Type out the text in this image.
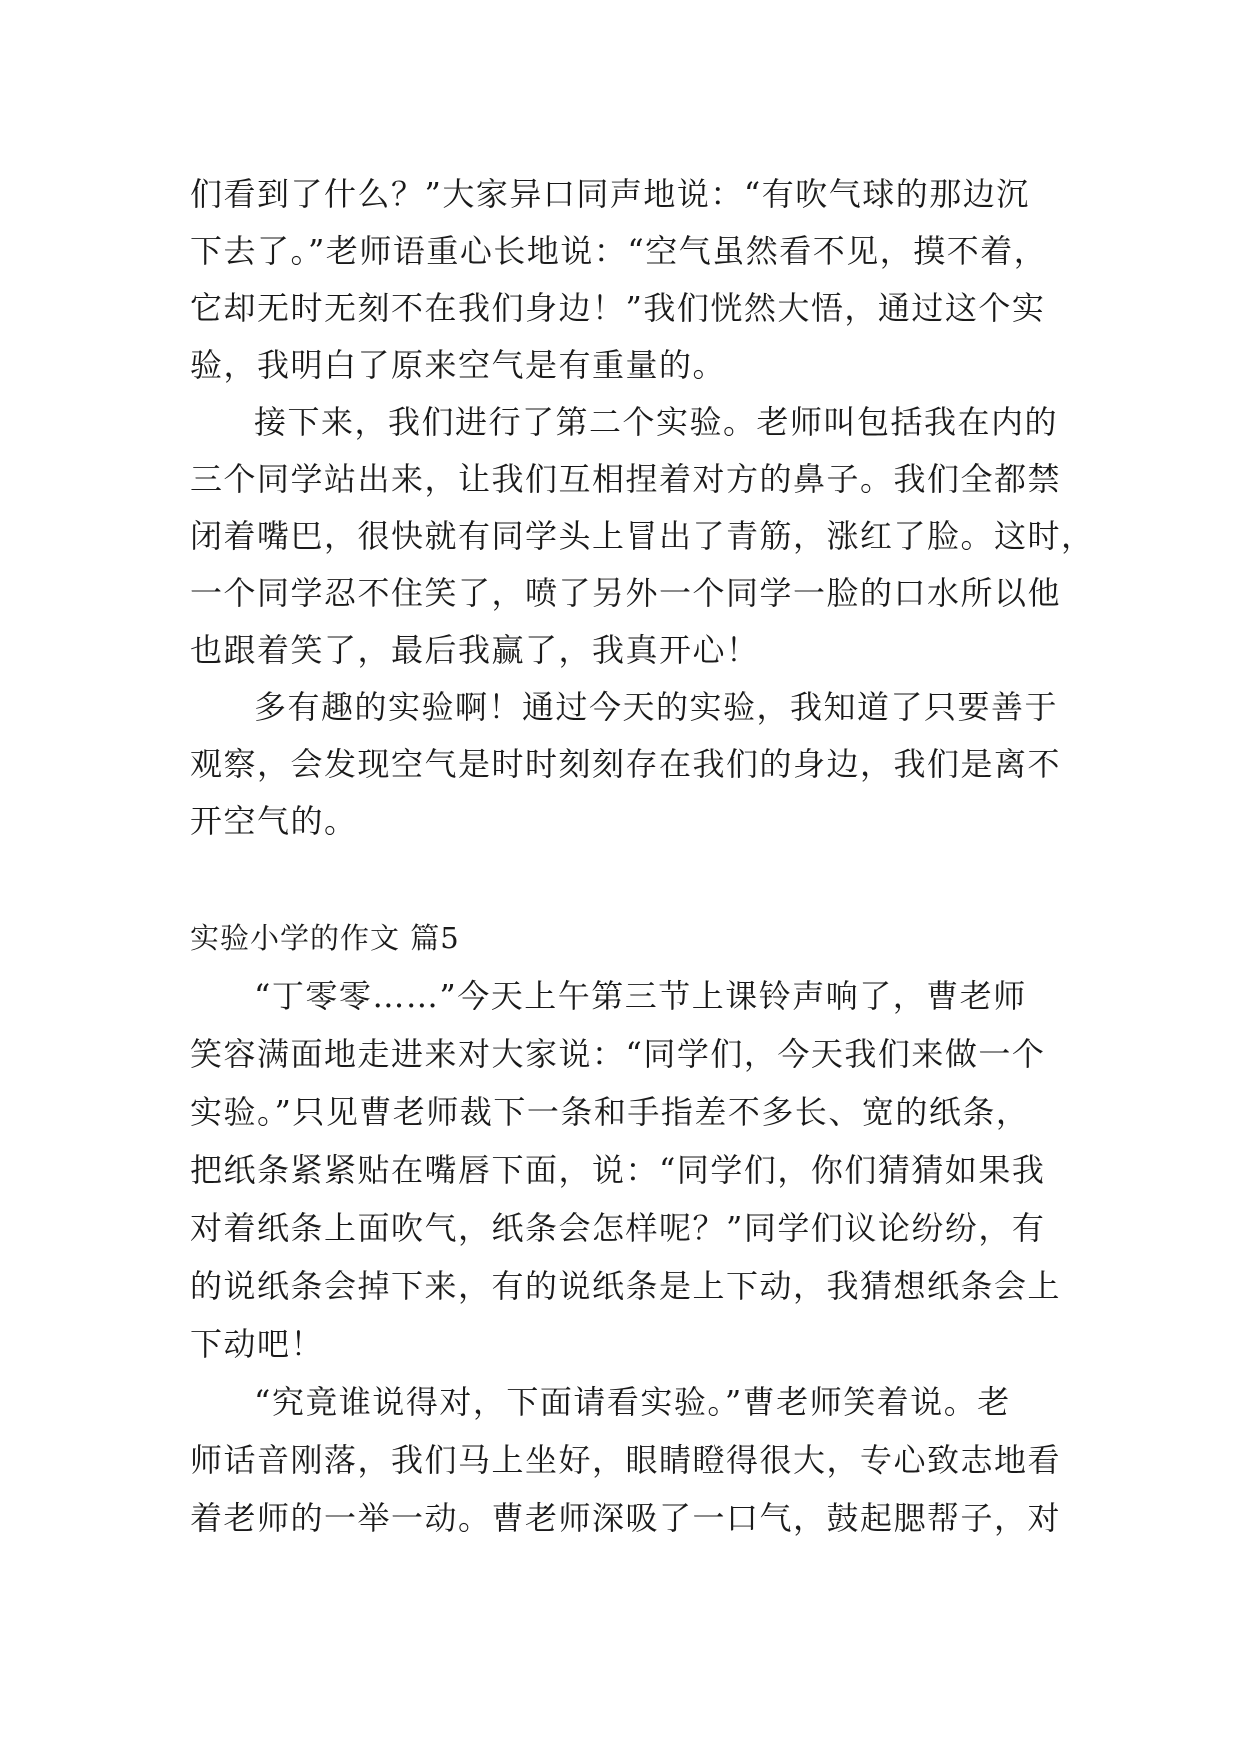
们看到了什么？”大家异口同声地说：“有吹气球的那边沉
下去了。”老师语重心长地说：“空气虽然看不见，摸不着，
它却无时无刻不在我们身边！”我们恍然大悟，通过这个实
验，我明白了原来空气是有重量的。
接下来，我们进行了第二个实验。老师叫包括我在内的
三个同学站出来，让我们互相捏着对方的鼻子。我们全都禁
闭着嘴巴，很快就有同学头上冒出了青筋，涨红了脸。这时，
一个同学忍不住笑了，喷了另外一个同学一脸的口水所以他
也跟着笑了，最后我赢了，我真开心！
多有趣的实验啊！通过今天的实验，我知道了只要善于
观察，会发现空气是时时刻刻存在我们的身边，我们是离不
开空气的。
实验小学的作文 篇5
“丁零零……”今天上午第三节上课铃声响了，曹老师
笑容满面地走进来对大家说：“同学们，今天我们来做一个
实验。”只见曹老师裁下一条和手指差不多长、宽的纸条，
把纸条紧紧贴在嘴唇下面，说：“同学们，你们猜猜如果我
对着纸条上面吹气，纸条会怎样呢？”同学们议论纷纷，有
的说纸条会掉下来，有的说纸条是上下动，我猜想纸条会上
下动吧！
“究竟谁说得对，下面请看实验。”曹老师笑着说。老
师话音刚落，我们马上坐好，眼睛瞪得很大，专心致志地看
着老师的一举一动。曹老师深吸了一口气，鼓起腮帮子，对
